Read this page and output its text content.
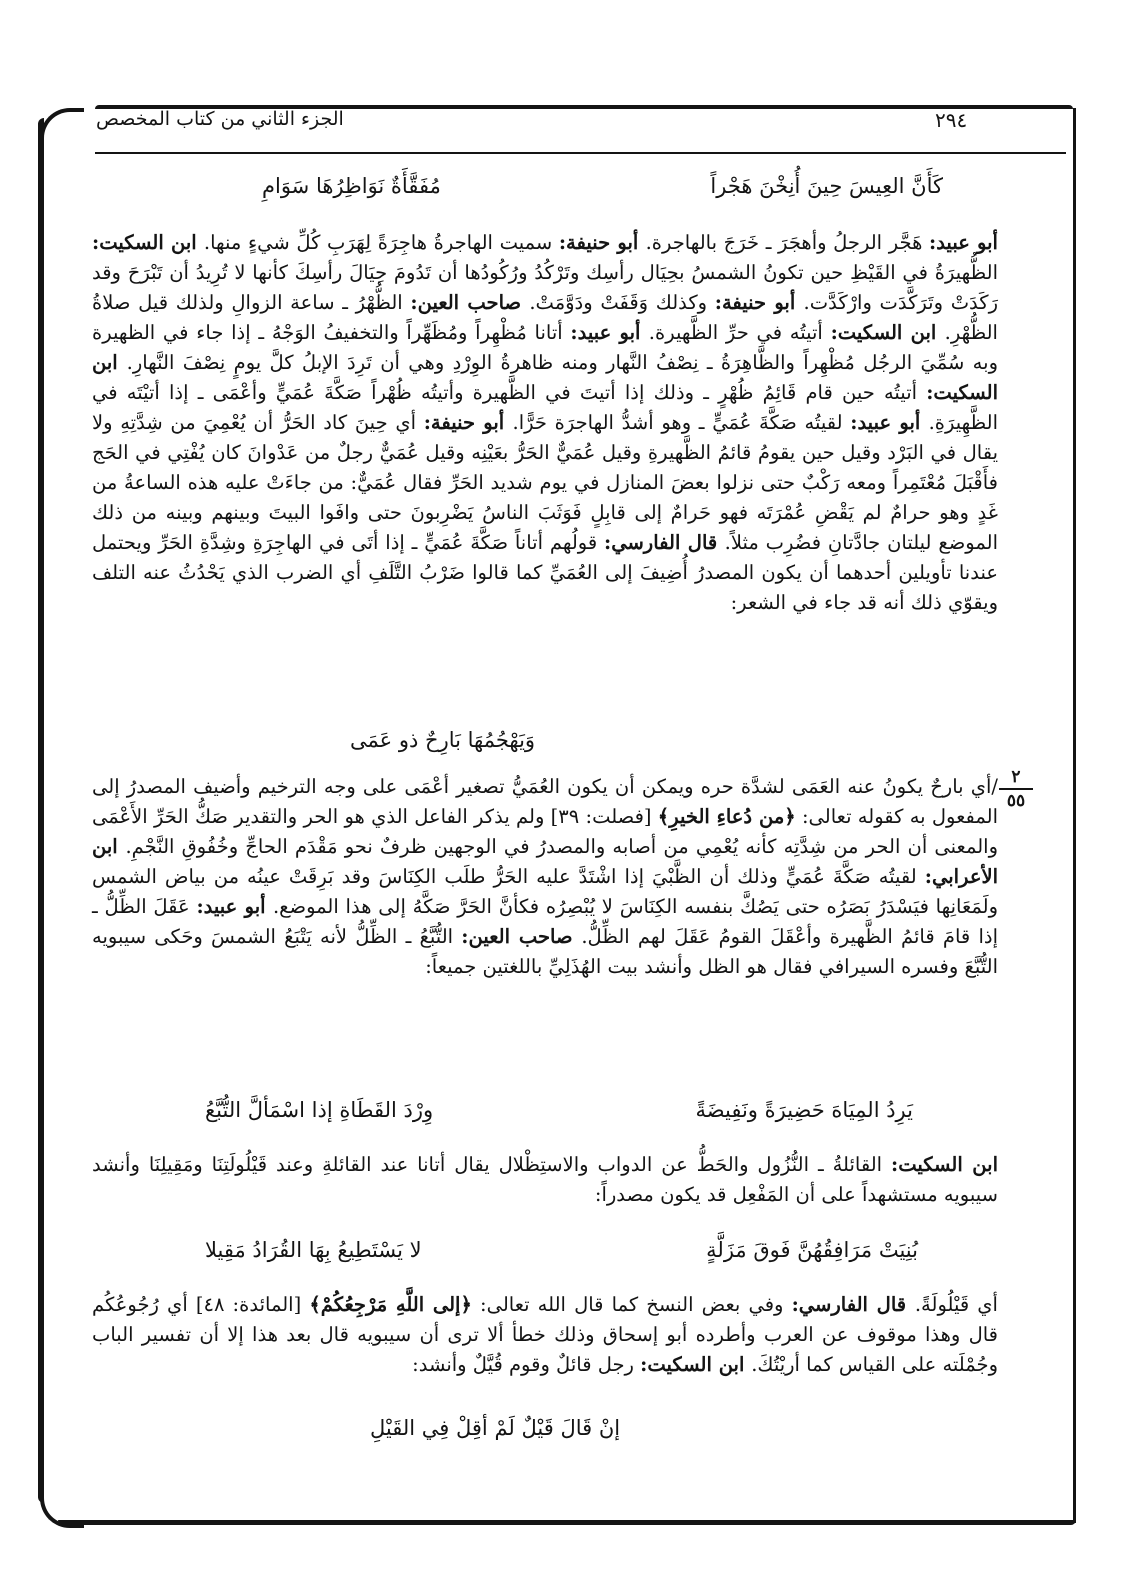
٢٩٤
الجزء الثاني من كتاب المخصص
كَأَنَّ العِيسَ حِينَ أُنِخْنَ هَجْراً
مُفَقَّأَةٌ نَوَاظِرُهَا سَوَامِ

أبو عبيد: هَجَّر الرجلُ وأهجَرَ ـ خَرَجَ بالهاجرة. أبو حنيفة: سميت الهاجرةُ هاجِرَةً لِهَرَبِ كُلِّ شيءٍ منها. ابن السكيت: الظُّهيرَةُ في القَيْظِ حين تكونُ الشمسُ بحِيَال رأسِك وتَرْكُدُ ورُكُودُها أن تَدُومَ حِيَالَ رأسِكَ كأنها لا تُرِيدُ أن تَبْرَحَ وقد رَكَدَتْ وتَرَكَّدَت وارْكَدَّت. أبو حنيفة: وكذلك وَقَفَتْ ودَوَّمَتْ. صاحب العين: الظُّهْرُ ـ ساعة الزوالِ ولذلك قيل صلاةُ الظُّهْرِ. ابن السكيت: أتيتُه في حرِّ الظَّهيرة. أبو عبيد: أتانا مُظْهِراً ومُظَهِّراً والتخفيفُ الوَجْهُ ـ إذا جاء في الظهيرة وبه سُمِّيَ الرجُل مُظْهِراً والظَّاهِرَةُ ـ نِصْفُ النَّهار ومنه ظاهرةُ الوِرْدِ وهي أن تَرِدَ الإبلُ كلَّ يومٍ نِصْفَ النَّهارِ. ابن السكيت: أتيتُه حين قام قَائِمُ ظُهْرٍ ـ وذلك إذا أتيتَ في الظَّهيرة وأتيتُه ظُهْراً صَكَّةَ عُمَيٍّ وأعْمَى ـ إذا أتيْتَه في الظَّهِيرَةِ. أبو عبيد: لقيتُه صَكَّةَ عُمَيٍّ ـ وهو أشدُّ الهاجرَة حَرًّا. أبو حنيفة: أي حِينَ كاد الحَرُّ أن يُعْمِيَ من شِدَّتِهِ ولا يقال في البَرْد وقيل حين يقومُ قائمُ الظَّهيرةِ وقيل عُمَيٌّ الحَرُّ بعَيْنِه وقيل عُمَيٌّ رجلٌ من عَدْوانَ كان يُفْتِي في الحَج فأَقْبَلَ مُعْتَمِراً ومعه رَكْبٌ حتى نزلوا بعضَ المنازل في يوم شديد الحَرِّ فقال عُمَيٌّ: من جاءَتْ عليه هذه الساعةُ من غَدٍ وهو حرامٌ لم يَقْضِ عُمْرَتَه فهو حَرامٌ إلى قابِلٍ فَوَثَبَ الناسُ يَضْرِبونَ حتى وافَوا البيتَ وبينهم وبينه من ذلك الموضع ليلتان جادَّتانِ فضُرِب مثلاً. قال الفارسي: قولُهم أتاناً صَكَّةَ عُمَيٍّ ـ إذا أتَى في الهاجِرَةِ وشِدَّةِ الحَرِّ ويحتمل عندنا تأويلين أحدهما أن يكون المصدرُ أُضِيفَ إلى العُمَيِّ كما قالوا ضَرْبُ التَّلَفِ أي الضرب الذي يَحْدُثُ عنه التلف ويقوّي ذلك أنه قد جاء في الشعر:

وَيَهْجُمُهَا بَارِحٌ ذو عَمَى
٢
٥٥

/أي بارحٌ يكونُ عنه العَمَى لشدَّة حره ويمكن أن يكون العُمَيُّ تصغير أعْمَى على وجه الترخيم وأضيف المصدرُ إلى المفعول به كقوله تعالى: ﴿من دُعاءِ الخيرِ﴾ [فصلت: ٣٩] ولم يذكر الفاعل الذي هو الحر والتقدير صَكُّ الحَرِّ الأَعْمَى والمعنى أن الحر من شِدَّتِه كأنه يُعْمِي من أصابه والمصدرُ في الوجهين ظرفٌ نحو مَقْدَم الحاجِّ وخُفُوقِ النَّجْمِ. ابن الأعرابي: لقيتُه صَكَّةَ عُمَيٍّ وذلك أن الظَّبْيَ إذا اشْتَدَّ عليه الحَرُّ طلَب الكِنَاسَ وقد بَرِقَتْ عينُه من بياض الشمس ولَمَعَانِها فيَسْدَرُ بَصَرُه حتى يَصُكَّ بنفسه الكِنَاسَ لا يُبْصِرُه فكأنَّ الحَرَّ صَكَّهُ إلى هذا الموضع. أبو عبيد: عَقَلَ الظِّلُّ ـ إذا قامَ قائمُ الظَّهيرة وأعْقَلَ القومُ عَقَلَ لهم الظِّلُّ. صاحب العين: التُّبَّعُ ـ الظِّلُّ لأنه يَتْبَعُ الشمسَ وحَكى سيبويه التُّبَّعَ وفسره السيرافي فقال هو الظل وأنشد بيت الهُذَلِيِّ باللغتين جميعاً:

يَرِدُ المِيَاهَ حَضِيرَةً ونَفِيضَةً
وِرْدَ القَطَاةِ إذا اسْمَألَّ التُّبَّعُ

ابن السكيت: القائلةُ ـ النُّزُول والحَطُّ عن الدواب والاستِظْلال يقال أتانا عند القائلةِ وعند قَيْلُولَتِنَا ومَقِيلِنَا وأنشد سيبويه مستشهداً على أن المَفْعِل قد يكون مصدراً:

بُنِيَتْ مَرَافِقُهُنَّ فَوقَ مَزَلَّةٍ
لا يَسْتَطِيعُ بِهَا القُرَادُ مَقِيلا

أي قَيْلُولَةً. قال الفارسي: وفي بعض النسخ كما قال الله تعالى: ﴿إلى اللَّهِ مَرْجِعُكُمْ﴾ [المائدة: ٤٨] أي رُجُوعُكُم قال وهذا موقوف عن العرب وأطرده أبو إسحاق وذلك خطأ ألا ترى أن سيبويه قال بعد هذا إلا أن تفسير الباب وجُمْلَته على القياس كما أريْتُكَ. ابن السكيت: رجل قائلٌ وقوم قُيَّلٌ وأنشد:

إنْ قَالَ قَيْلٌ لَمْ أقِلْ فِي القَيْلِ
